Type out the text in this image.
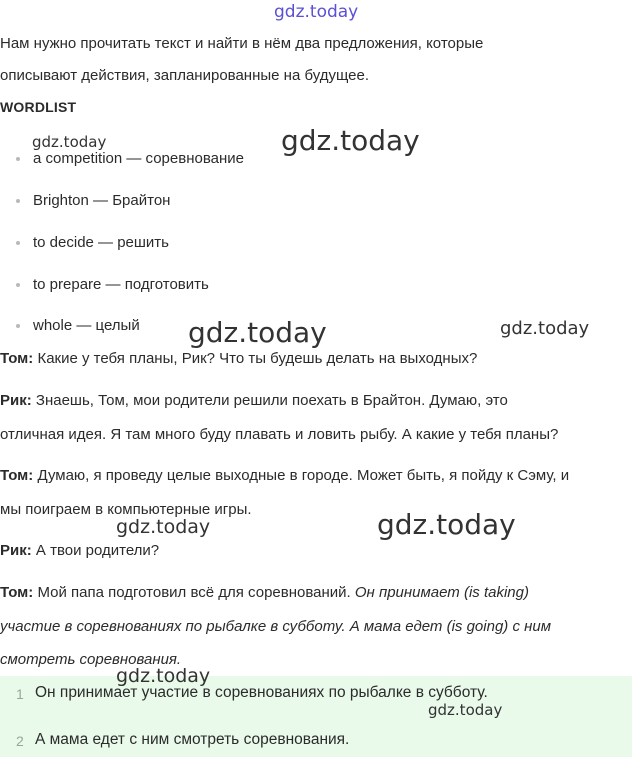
gdz.today
gdz.today	gdz.today
gdz.today	gdz.today
gdz.today	gdz.today
gdz.today
Нам нужно прочитать текст и найти в нём два предложения, которые
описывают действия, запланированные на будущее.
WORDLIST
a competition — соревнование
Brighton — Брайтон
to decide — решить
to prepare — подготовить
whole — целый
Том: Какие у тебя планы, Рик? Что ты будешь делать на выходных?
Рик: Знаешь, Том, мои родители решили поехать в Брайтон. Думаю, это
отличная идея. Я там много буду плавать и ловить рыбу. А какие у тебя планы?
Том: Думаю, я проведу целые выходные в городе. Может быть, я пойду к Сэму, и
мы поиграем в компьютерные игры.
Рик: А твои родители?
Том: Мой папа подготовил всё для соревнований. Он принимает (is taking)
участие в соревнованиях по рыбалке в субботу. А мама едет (is going) с ним
смотреть соревнования.
1 Он принимает участие в соревнованиях по рыбалке в субботу.
gdz.today
2 А мама едет с ним смотреть соревнования.
